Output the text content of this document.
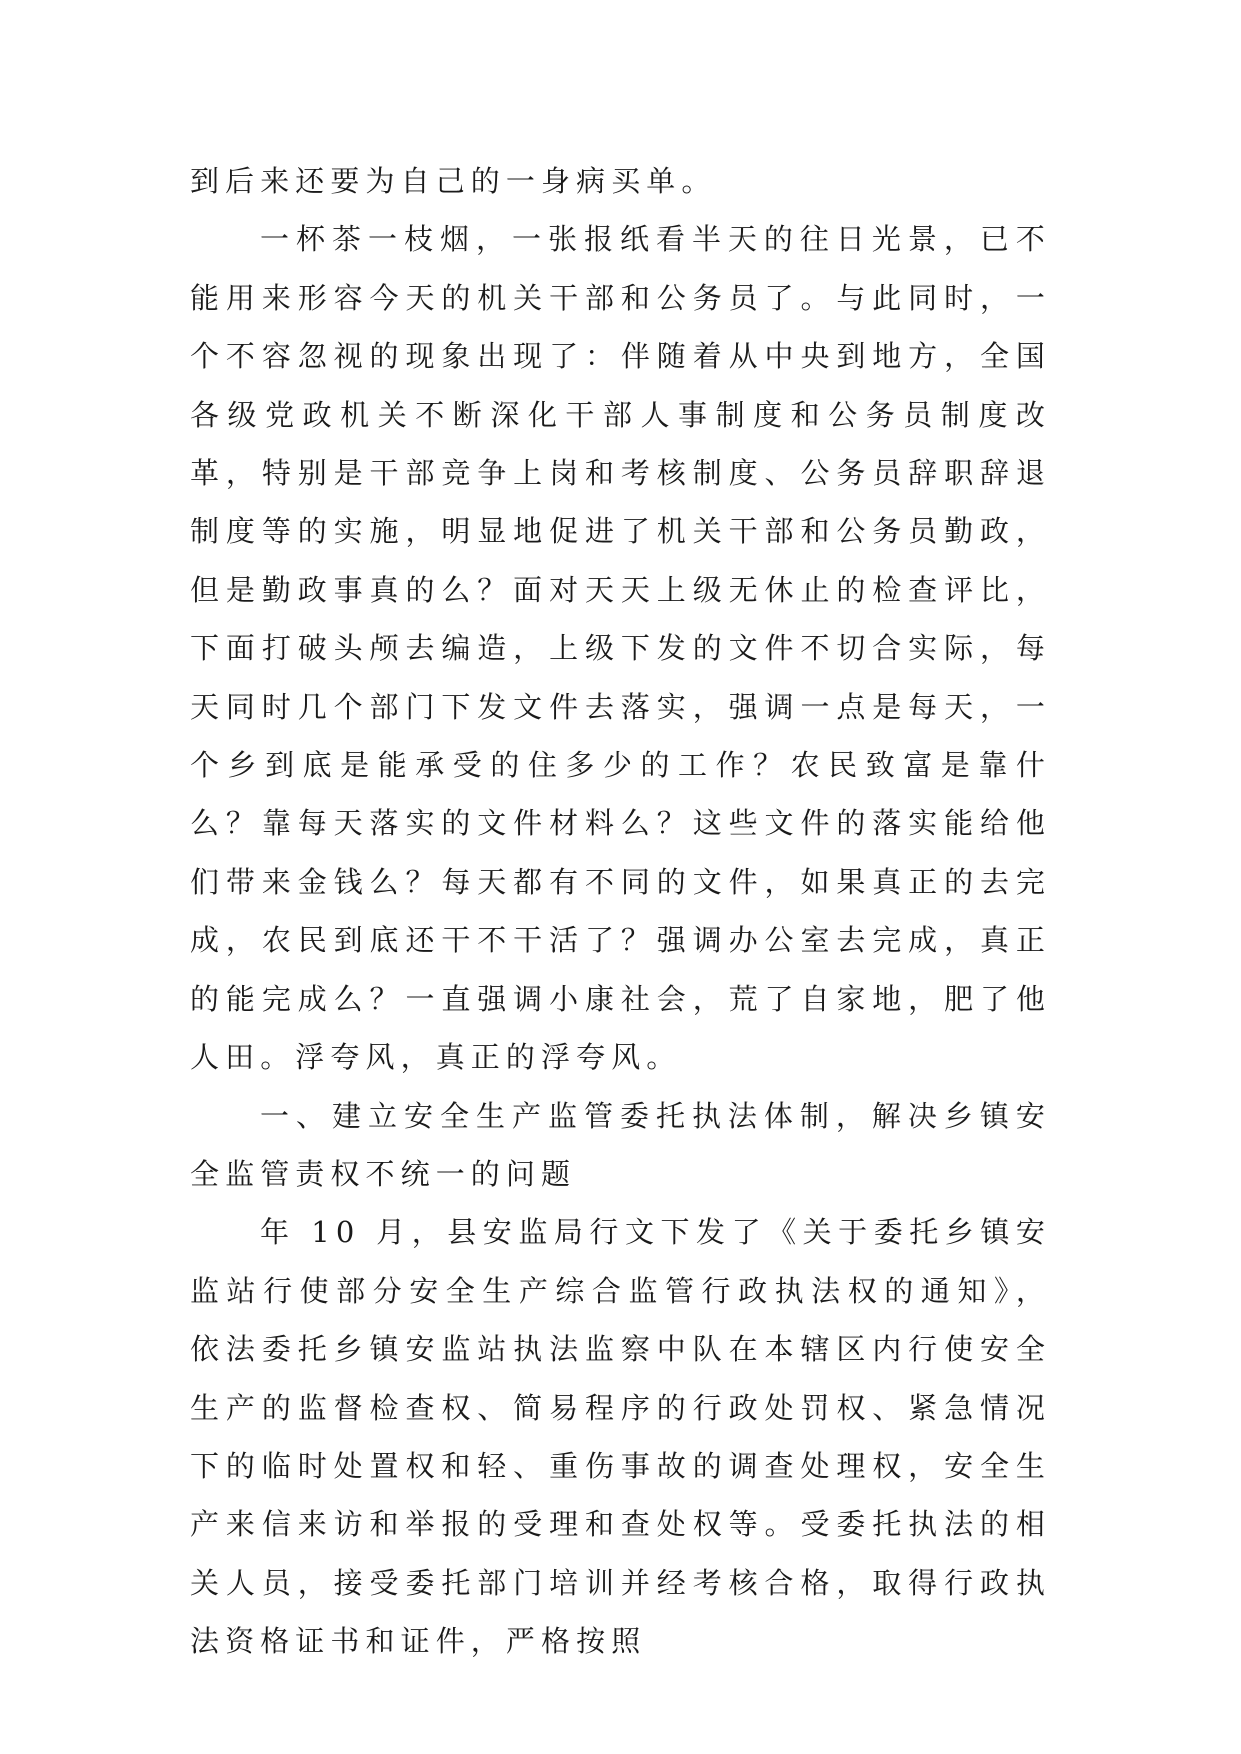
到后来还要为自己的一身病买单。

一杯茶一枝烟，一张报纸看半天的往日光景，已不能用来形容今天的机关干部和公务员了。与此同时，一个不容忽视的现象出现了：伴随着从中央到地方，全国各级党政机关不断深化干部人事制度和公务员制度改革，特别是干部竞争上岗和考核制度、公务员辞职辞退制度等的实施，明显地促进了机关干部和公务员勤政，但是勤政事真的么？面对天天上级无休止的检查评比，下面打破头颅去编造，上级下发的文件不切合实际，每天同时几个部门下发文件去落实，强调一点是每天，一个乡到底是能承受的住多少的工作？农民致富是靠什么？靠每天落实的文件材料么？这些文件的落实能给他们带来金钱么？每天都有不同的文件，如果真正的去完成，农民到底还干不干活了？强调办公室去完成，真正的能完成么？一直强调小康社会，荒了自家地，肥了他人田。浮夸风，真正的浮夸风。

一、建立安全生产监管委托执法体制，解决乡镇安全监管责权不统一的问题

年 10 月，县安监局行文下发了《关于委托乡镇安监站行使部分安全生产综合监管行政执法权的通知》，依法委托乡镇安监站执法监察中队在本辖区内行使安全生产的监督检查权、简易程序的行政处罚权、紧急情况下的临时处置权和轻、重伤事故的调查处理权，安全生产来信来访和举报的受理和查处权等。受委托执法的相关人员，接受委托部门培训并经考核合格，取得行政执法资格证书和证件，严格按照
